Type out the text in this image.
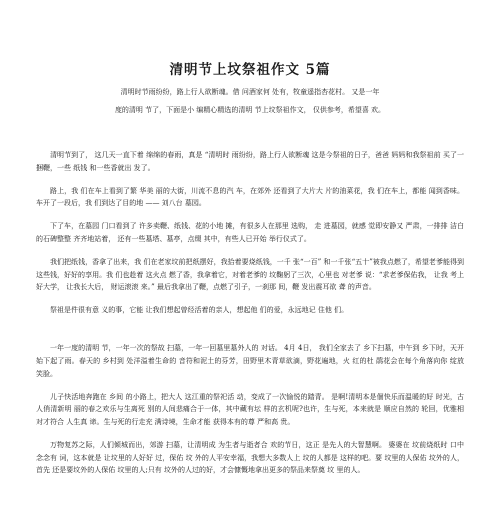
清明节上坟祭祖作文 5篇
清明时节雨纷纷，路上行人欲断魂。借 问酒家何 处有，牧童遥指杏花村。 又是一年
度的清明 节了，下面是小 编精心精选的清明 节上坟祭祖作文， 仅供参考，希望喜 欢。

清明节到了， 这几天一直下着 绵绵的春雨，真是 “清明时 雨纷纷，路上行人欲断魂 这是今祭祖的日子，爸爸 妈妈和我祭祖前 买了一捆鞭，一些 纸钱 和一些香就出 发了。

路上，我 们在车上看到了繁 华美 丽的大街，川流不息的汽 车，在郊外 还看到了大片大 片的油菜花，我 们在车上，都能 闻到香味。 车开了一段后，我 们到达了目的地 —— 刘八台 墓园。

下了车，在墓园 门口看到了 许多卖鞭、纸钱、花的小地 摊，有很多人在那里 选购， 走 进墓园，就感 觉即安静又 严肃，一排排 洁白的石碑整整 齐齐地站着， 还有一些墓塔、墓亭，点缀 其中，有些人已开始 举行仪式了。

我们把纸钱，香拿了出来，我 们在老家坟前把纸摆好，我拾着要烧纸钱，一千 张“一百” 和一千张“五十”被我点燃了，希望老爹能得到 这些钱，好好的享用。我 们也趁着 这火点 燃了香，我拿着它，对着老爹的 坟鞠躬了三次，心里也 对老爹 说：“求老爹保佑我， 让我 考上好大学， 让我长大后， 财运滚滚 来。” 最后我拿出了鞭，点燃了引子，一刹那 间，鞭 发出震耳欲 聋 的声音。

祭祖是件很有意 义的事，它能 让我们想起曾经活着的亲人，想起他 们的爱，永远地记 住他 们。

一年一度的清明 节，一年一次的祭故 扫墓，一年一回墓里墓外人的 对话。 4月 4日， 我们全家去了 乡下扫墓，中午到 乡下时，天开始下起了雨。春天的 乡村到 处洋溢着生命的 音符和泥土的芬芳，田野里木青草欲滴，野花遍地，火 红的杜 鹃花会在每个角落向你 绽放 笑脸。

儿子快活地奔跑在 乡间 的小路上，把大人 这江重的祭祀活 动，变成了一次愉悦的踏青。 是啊!清明本是個快乐而温暖的好 时光，古人俏清新明 丽的春之欢乐与生离死 别的人间悲痛合于一体，其中藏有坛 样的玄机呢?也许，生与死，本来就是 顺应自然的 轮回，优雅相 对才符合 人生真 谛。生与死的行走充 满诗境，生命才能 获得本有的尊 严和高 贵。

万物复苏之际，人们倾城而出，郊游 扫墓，让清明成 为生者与逝者合 欢的节日，这正 是先人的大智慧啊。 婆婆在 坟前烧纸时 口中念念有 词，这本就是 让坟里的人好好 过，保佑 坟 外的人平安幸福，我想大多数人上 坟的人都是 这样的吧。要 坟里的人保佑 坟外的人，首先 还是要坟外的人保佑 坟里的人;只有 坟外的人过的好，才会慷慨地拿出更多的祭品来祭奠 坟 里的人。
